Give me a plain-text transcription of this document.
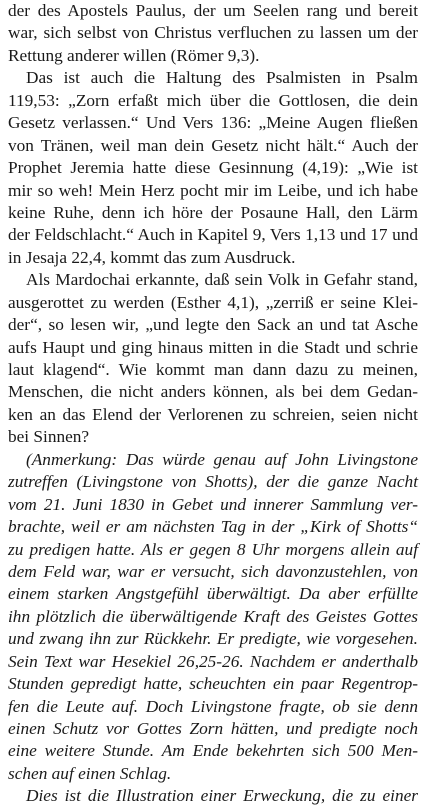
der des Apostels Paulus, der um Seelen rang und bereit
war, sich selbst von Christus verfluchen zu lassen um der
Rettung anderer willen (Römer 9,3).
Das ist auch die Haltung des Psalmisten in Psalm
119,53: „Zorn erfaßt mich über die Gottlosen, die dein
Gesetz verlassen.“ Und Vers 136: „Meine Augen fließen
von Tränen, weil man dein Gesetz nicht hält.“ Auch der
Prophet Jeremia hatte diese Gesinnung (4,19): „Wie ist
mir so weh! Mein Herz pocht mir im Leibe, und ich habe
keine Ruhe, denn ich höre der Posaune Hall, den Lärm
der Feldschlacht.“ Auch in Kapitel 9, Vers 1,13 und 17 und
in Jesaja 22,4, kommt das zum Ausdruck.
Als Mardochai erkannte, daß sein Volk in Gefahr stand,
ausgerottet zu werden (Esther 4,1), „zerriß er seine Klei-
der“, so lesen wir, „und legte den Sack an und tat Asche
aufs Haupt und ging hinaus mitten in die Stadt und schrie
laut klagend“. Wie kommt man dann dazu zu meinen,
Menschen, die nicht anders können, als bei dem Gedan-
ken an das Elend der Verlorenen zu schreien, seien nicht
bei Sinnen?
(Anmerkung: Das würde genau auf John Livingstone
zutreffen (Livingstone von Shotts), der die ganze Nacht
vom 21. Juni 1830 in Gebet und innerer Sammlung ver-
brachte, weil er am nächsten Tag in der „Kirk of Shotts“
zu predigen hatte. Als er gegen 8 Uhr morgens allein auf
dem Feld war, war er versucht, sich davonzustehlen, von
einem starken Angstgefühl überwältigt. Da aber erfüllte
ihn plötzlich die überwältigende Kraft des Geistes Gottes
und zwang ihn zur Rückkehr. Er predigte, wie vorgesehen.
Sein Text war Hesekiel 26,25-26. Nachdem er anderthalb
Stunden gepredigt hatte, scheuchten ein paar Regentrop-
fen die Leute auf. Doch Livingstone fragte, ob sie denn
einen Schutz vor Gottes Zorn hätten, und predigte noch
eine weitere Stunde. Am Ende bekehrten sich 500 Men-
schen auf einen Schlag.
Dies ist die Illustration einer Erweckung, die zu einer
